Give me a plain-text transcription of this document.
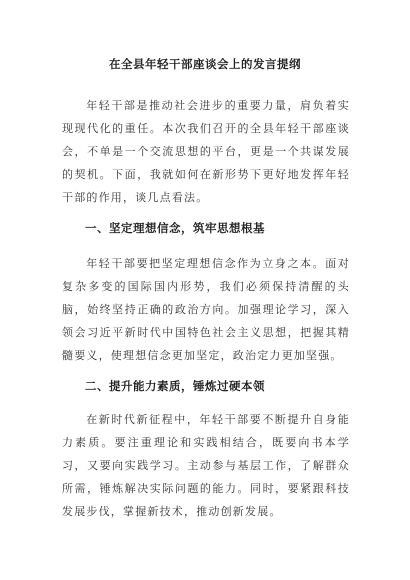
在全县年轻干部座谈会上的发言提纲
年轻干部是推动社会进步的重要力量，肩负着实现现代化的重任。本次我们召开的全县年轻干部座谈会，不单是一个交流思想的平台，更是一个共谋发展的契机。下面，我就如何在新形势下更好地发挥年轻干部的作用，谈几点看法。
一、坚定理想信念，筑牢思想根基
年轻干部要把坚定理想信念作为立身之本。面对复杂多变的国际国内形势，我们必须保持清醒的头脑，始终坚持正确的政治方向。加强理论学习，深入领会习近平新时代中国特色社会主义思想，把握其精髓要义，使理想信念更加坚定，政治定力更加坚强。
二、提升能力素质，锤炼过硬本领
在新时代新征程中，年轻干部要不断提升自身能力素质。要注重理论和实践相结合，既要向书本学习，又要向实践学习。主动参与基层工作，了解群众所需，锤炼解决实际问题的能力。同时，要紧跟科技发展步伐，掌握新技术，推动创新发展。
